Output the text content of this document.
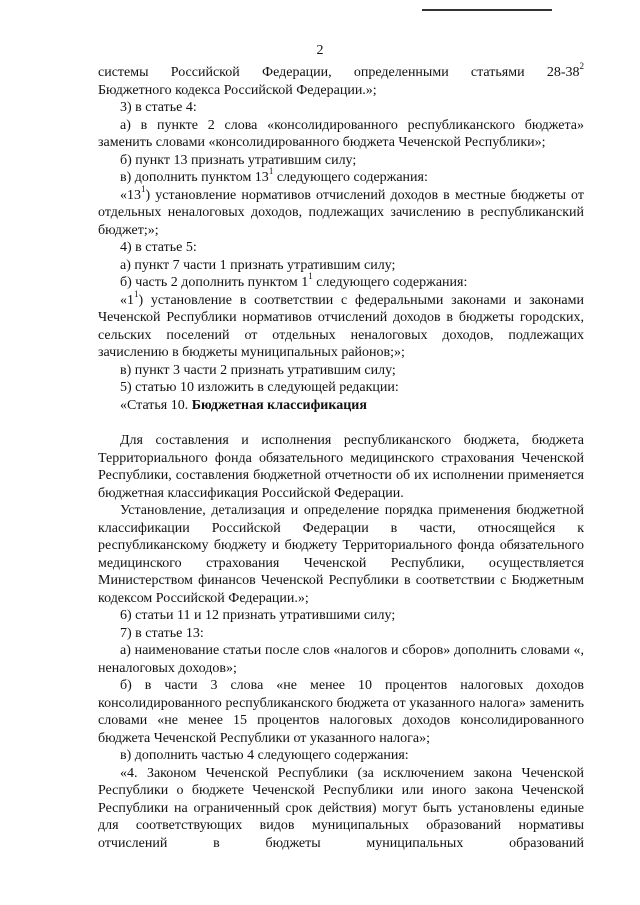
2

системы Российской Федерации, определенными статьями $28-38^2$

Бюджетного кодекса Российской Федерации.»;

3) в статье 4:

а) в пункте 2 слова «консолидированного республиканского бюджета» заменить словами «консолидированного бюджета Чеченской Республики»;

б) пункт 13 признать утратившим силу;

в) дополнить пунктом $13^1$ следующего содержания:

«$13^1$) установление нормативов отчислений доходов в местные бюджеты от отдельных неналоговых доходов, подлежащих зачислению в республиканский бюджет;»;

4) в статье 5:

а) пункт 7 части 1 признать утратившим силу;

б) часть 2 дополнить пунктом $1^1$ следующего содержания:

«$1^1$) установление в соответствии с федеральными законами и законами Чеченской Республики нормативов отчислений доходов в бюджеты городских, сельских поселений от отдельных неналоговых доходов, подлежащих зачислению в бюджеты муниципальных районов;»;

в) пункт 3 части 2 признать утратившим силу;

5) статью 10 изложить в следующей редакции:

«Статья 10. Бюджетная классификация

Для составления и исполнения республиканского бюджета, бюджета Территориального фонда обязательного медицинского страхования Чеченской Республики, составления бюджетной отчетности об их исполнении применяется бюджетная классификация Российской Федерации.

Установление, детализация и определение порядка применения бюджетной классификации Российской Федерации в части, относящейся к республиканскому бюджету и бюджету Территориального фонда обязательного медицинского страхования Чеченской Республики, осуществляется Министерством финансов Чеченской Республики в соответствии с Бюджетным кодексом Российской Федерации.»;

6) статьи 11 и 12 признать утратившими силу;

7) в статье 13:

а) наименование статьи после слов «налогов и сборов» дополнить словами «, неналоговых доходов»;

б) в части 3 слова «не менее 10 процентов налоговых доходов консолидированного республиканского бюджета от указанного налога» заменить словами «не менее 15 процентов налоговых доходов консолидированного бюджета Чеченской Республики от указанного налога»;

в) дополнить частью 4 следующего содержания:

«4. Законом Чеченской Республики (за исключением закона Чеченской Республики о бюджете Чеченской Республики или иного закона Чеченской Республики на ограниченный срок действия) могут быть установлены единые для соответствующих видов муниципальных образований нормативы отчислений в бюджеты муниципальных образований
